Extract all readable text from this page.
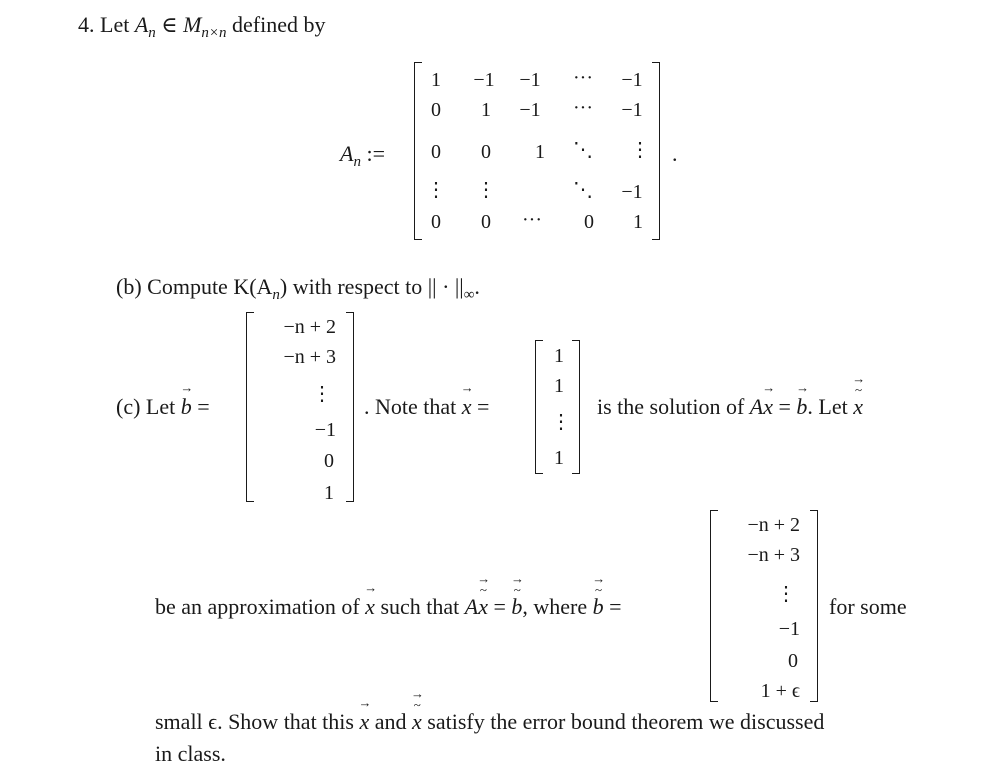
4. Let $A_n$ ∈ $M_{n\times n}$ defined by
$A_n$ :=
1 −1 −1 ··· −1
0 1 −1 ··· −1
0 0 1 ⋱ ⋮
⋮ ⋮	⋱ −1
0 0 ··· 0 1
.
(b) Compute $K(A_n)$ with respect to || · $||_\infty$.
(c) Let → b =
−n + 2
−n + 3
⋮
−1
0
1
. Note that → x =
1
1
⋮
1
is the solution of A→ x = → b. Let → x ~
be an approximation of → x such that A→ x ~ = → b ~, where → b ~ =
−n + 2
−n + 3
⋮
−1
0
1 + ϵ
for some
small ϵ. Show that this → x and → x ~ satisfy the error bound theorem we discussed
in class.
